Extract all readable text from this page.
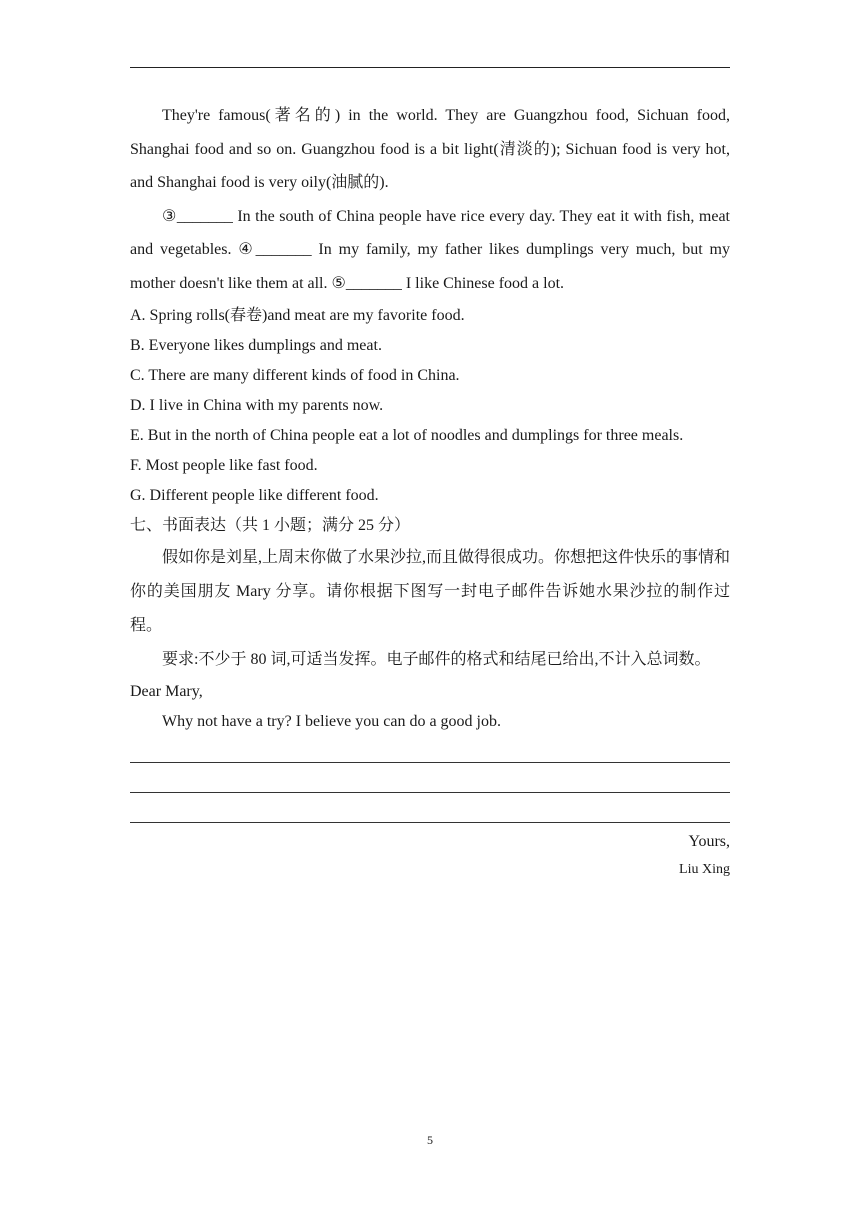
They're famous(著名的) in the world. They are Guangzhou food, Sichuan food, Shanghai food and so on. Guangzhou food is a bit light(清淡的); Sichuan food is very hot, and Shanghai food is very oily(油腻的).

③_______ In the south of China people have rice every day. They eat it with fish, meat and vegetables. ④_______ In my family, my father likes dumplings very much, but my mother doesn't like them at all. ⑤_______ I like Chinese food a lot.

A. Spring rolls(春卷)and meat are my favorite food.

B. Everyone likes dumplings and meat.

C. There are many different kinds of food in China.

D. I live in China with my parents now.

E. But in the north of China people eat a lot of noodles and dumplings for three meals.

F. Most people like fast food.

G. Different people like different food.

七、书面表达（共 1 小题；满分 25 分）

假如你是刘星,上周末你做了水果沙拉,而且做得很成功。你想把这件快乐的事情和你的美国朋友 Mary 分享。请你根据下图写一封电子邮件告诉她水果沙拉的制作过程。

要求:不少于 80 词,可适当发挥。电子邮件的格式和结尾已给出,不计入总词数。

Dear Mary,

Why not have a try? I believe you can do a good job.

Yours,

Liu Xing

5
